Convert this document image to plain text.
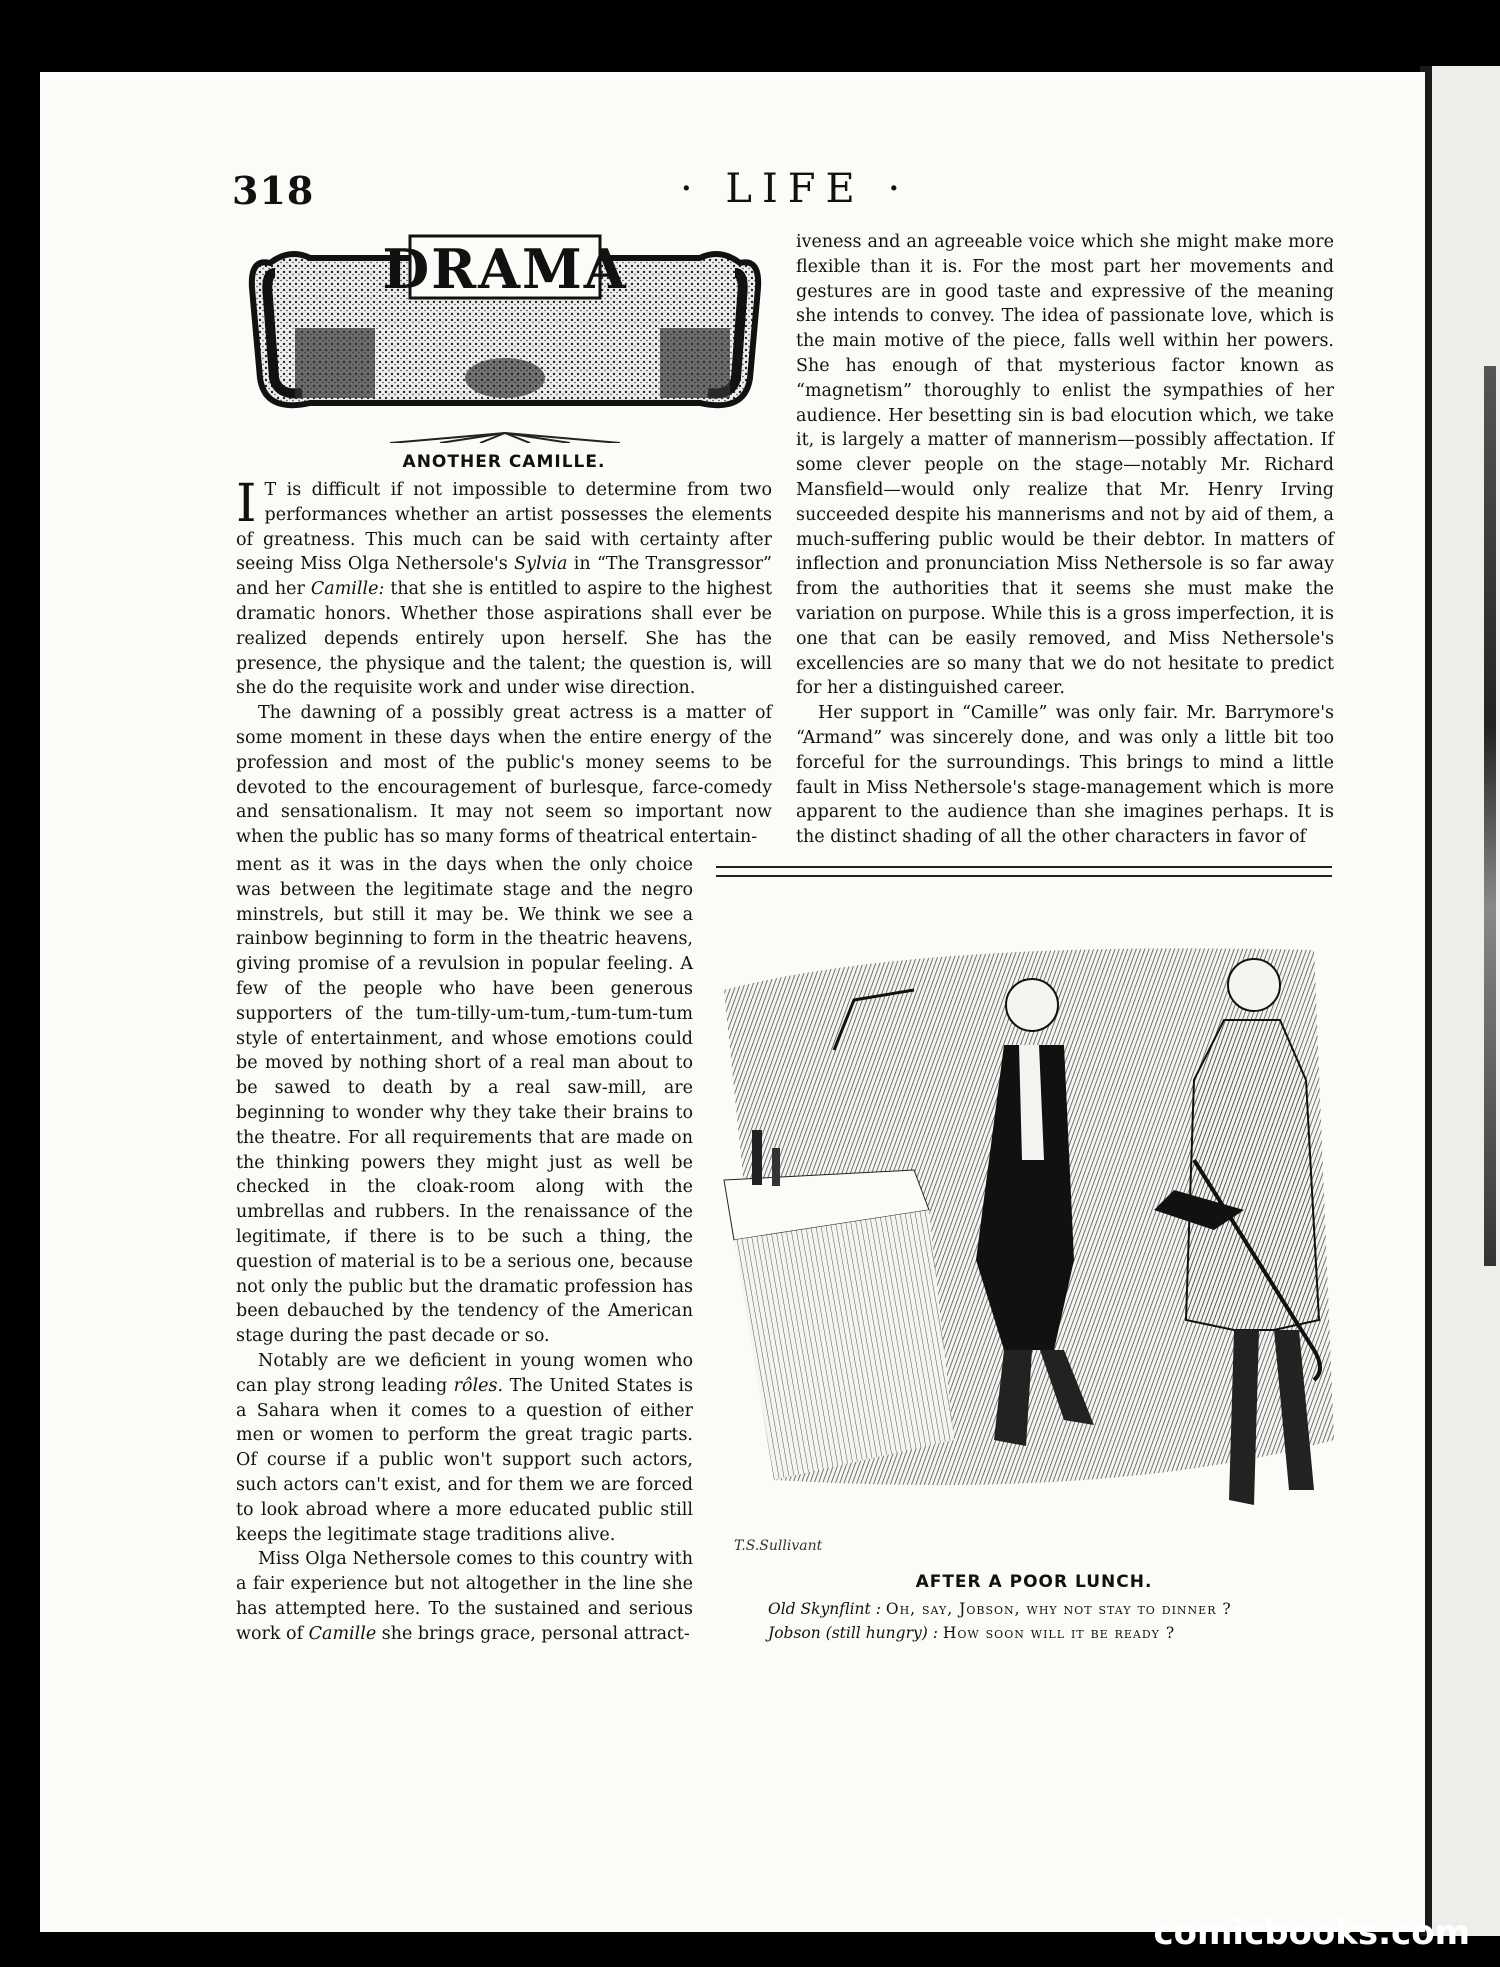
318	· LIFE ·
DRAMA
ANOTHER CAMILLE.

I T is difficult if not impossible to determine from two performances whether an artist possesses the elements of greatness. This much can be said with certainty after seeing Miss Olga Nethersole's Sylvia in “The Transgressor” and her Camille: that she is entitled to aspire to the highest dramatic honors. Whether those aspirations shall ever be realized depends entirely upon herself. She has the presence, the physique and the talent; the question is, will she do the requisite work and under wise direction.

The dawning of a possibly great actress is a matter of some moment in these days when the entire energy of the profession and most of the public's money seems to be devoted to the encouragement of burlesque, farce-comedy and sensationalism. It may not seem so important now when the public has so many forms of theatrical entertain-

ment as it was in the days when the only choice was between the legitimate stage and the negro minstrels, but still it may be. We think we see a rainbow beginning to form in the theatric heavens, giving promise of a revulsion in popular feeling. A few of the people who have been generous supporters of the tum-tilly-um-tum,-tum-tum-tum style of entertainment, and whose emotions could be moved by nothing short of a real man about to be sawed to death by a real saw-mill, are beginning to wonder why they take their brains to the theatre. For all requirements that are made on the thinking powers they might just as well be checked in the cloak-room along with the umbrellas and rubbers. In the renaissance of the legitimate, if there is to be such a thing, the question of material is to be a serious one, because not only the public but the dramatic profession has been debauched by the tendency of the American stage during the past decade or so.

Notably are we deficient in young women who can play strong leading rôles. The United States is a Sahara when it comes to a question of either men or women to perform the great tragic parts. Of course if a public won't support such actors, such actors can't exist, and for them we are forced to look abroad where a more educated public still keeps the legitimate stage traditions alive.

Miss Olga Nethersole comes to this country with a fair experience but not altogether in the line she has attempted here. To the sustained and serious work of Camille she brings grace, personal attract-

iveness and an agreeable voice which she might make more flexible than it is. For the most part her movements and gestures are in good taste and expressive of the meaning she intends to convey. The idea of passionate love, which is the main motive of the piece, falls well within her powers. She has enough of that mysterious factor known as “magnetism” thoroughly to enlist the sympathies of her audience. Her besetting sin is bad elocution which, we take it, is largely a matter of mannerism—possibly affectation. If some clever people on the stage—notably Mr. Richard Mansfield—would only realize that Mr. Henry Irving succeeded despite his mannerisms and not by aid of them, a much-suffering public would be their debtor. In matters of inflection and pronunciation Miss Nethersole is so far away from the authorities that it seems she must make the variation on purpose. While this is a gross imperfection, it is one that can be easily removed, and Miss Nethersole's excellencies are so many that we do not hesitate to predict for her a distinguished career.

Her support in “Camille” was only fair. Mr. Barrymore's “Armand” was sincerely done, and was only a little bit too forceful for the surroundings. This brings to mind a little fault in Miss Nethersole's stage-management which is more apparent to the audience than she imagines perhaps. It is the distinct shading of all the other characters in favor of

T.S.Sullivant
AFTER A POOR LUNCH.
Old Skynflint : Oh, say, Jobson, why not stay to dinner ?
Jobson (still hungry) : How soon will it be ready ?
comicbooks.com
